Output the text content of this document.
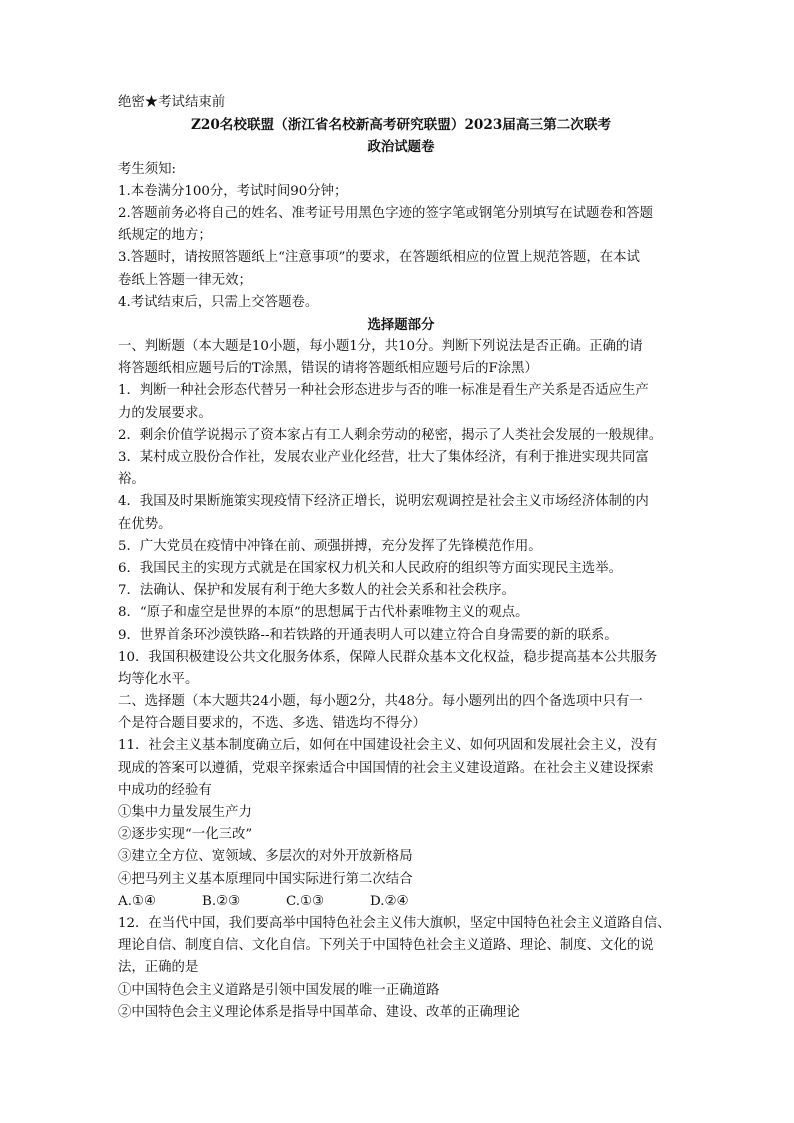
绝密★考试结束前
Z20名校联盟（浙江省名校新高考研究联盟）2023届高三第二次联考
政治试题卷
考生须知:
1.本卷满分100分，考试时间90分钟；
2.答题前务必将自己的姓名、准考证号用黑色字迹的签字笔或钢笔分别填写在试题卷和答题
纸规定的地方；
3.答题时，请按照答题纸上“注意事项”的要求，在答题纸相应的位置上规范答题，在本试
卷纸上答题一律无效；
4.考试结束后，只需上交答题卷。
选择题部分
一、判断题（本大题是10小题，每小题1分，共10分。判断下列说法是否正确。正确的请
将答题纸相应题号后的T涂黑，错误的请将答题纸相应题号后的F涂黑）
1．判断一种社会形态代替另一种社会形态进步与否的唯一标准是看生产关系是否适应生产
力的发展要求。
2．剩余价值学说揭示了资本家占有工人剩余劳动的秘密，揭示了人类社会发展的一般规律。
3．某村成立股份合作社，发展农业产业化经营，壮大了集体经济，有利于推进实现共同富
裕。
4．我国及时果断施策实现疫情下经济正增长，说明宏观调控是社会主义市场经济体制的内
在优势。
5．广大党员在疫情中冲锋在前、顽强拼搏，充分发挥了先锋模范作用。
6．我国民主的实现方式就是在国家权力机关和人民政府的组织等方面实现民主选举。
7．法确认、保护和发展有利于绝大多数人的社会关系和社会秩序。
8．“原子和虚空是世界的本原”的思想属于古代朴素唯物主义的观点。
9．世界首条环沙漠铁路--和若铁路的开通表明人可以建立符合自身需要的新的联系。
10．我国积极建设公共文化服务体系，保障人民群众基本文化权益，稳步提高基本公共服务
均等化水平。
二、选择题（本大题共24小题，每小题2分，共48分。每小题列出的四个备选项中只有一
个是符合题目要求的，不选、多选、错选均不得分）
11．社会主义基本制度确立后，如何在中国建设社会主义、如何巩固和发展社会主义，没有
现成的答案可以遵循，党艰辛探索适合中国国情的社会主义建设道路。在社会主义建设探索
中成功的经验有
①集中力量发展生产力
②逐步实现“一化三改”
③建立全方位、宽领域、多层次的对外开放新格局
④把马列主义基本原理同中国实际进行第二次结合
A.①④	B.②③	C.①③	D.②④
12．在当代中国，我们要高举中国特色社会主义伟大旗帜，坚定中国特色社会主义道路自信、
理论自信、制度自信、文化自信。下列关于中国特色社会主义道路、理论、制度、文化的说
法，正确的是
①中国特色会主义道路是引领中国发展的唯一正确道路
②中国特色会主义理论体系是指导中国革命、建设、改革的正确理论
